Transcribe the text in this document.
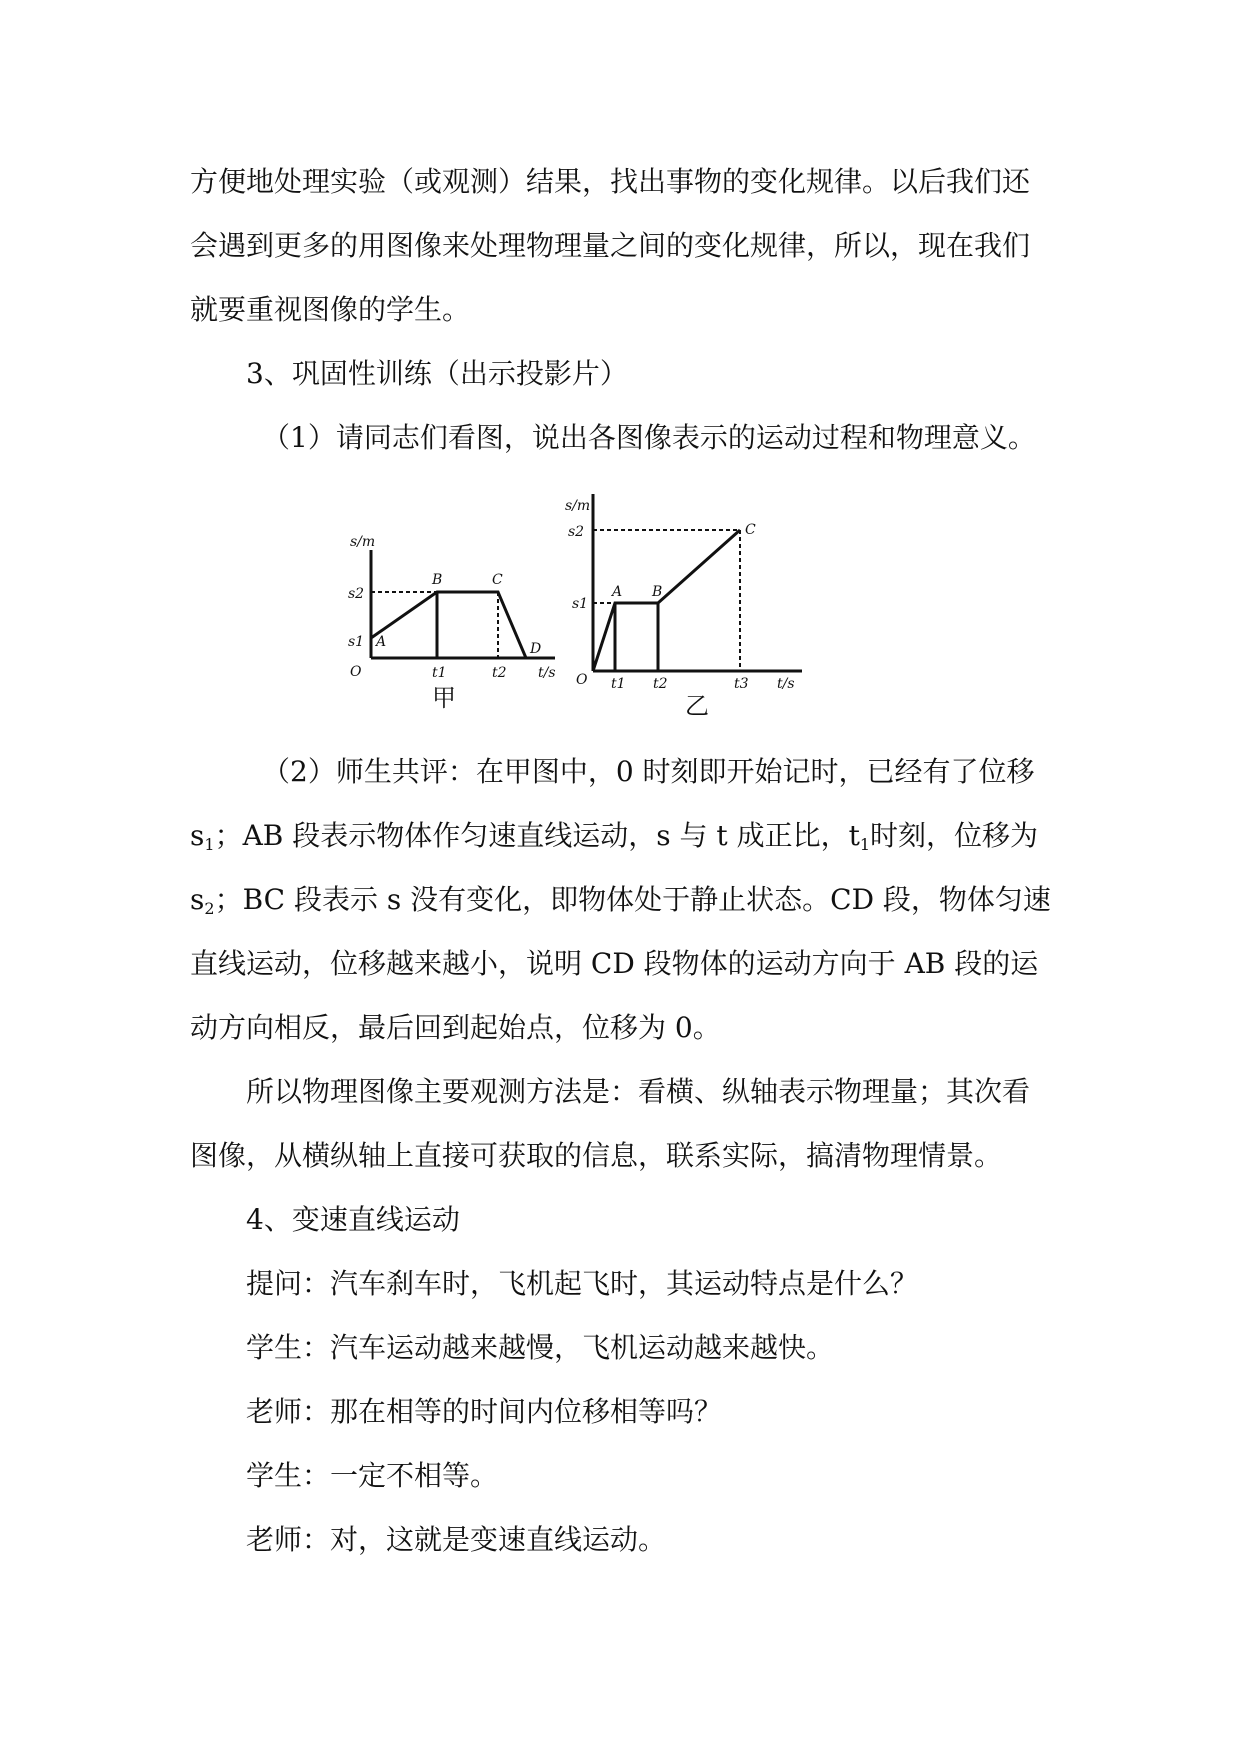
方便地处理实验（或观测）结果，找出事物的变化规律。以后我们还

会遇到更多的用图像来处理物理量之间的变化规律，所以，现在我们

就要重视图像的学生。

3、巩固性训练（出示投影片）

（1）请同志们看图，说出各图像表示的运动过程和物理意义。

s/m
s2
s1
O
A
B	C
D
t1	t2 t/s
甲
s/m
s2
s1
O
A B
C
t1 t2	t3 t/s
乙

（2）师生共评：在甲图中，0 时刻即开始记时，已经有了位移

$s_1$；AB 段表示物体作匀速直线运动，s 与 t 成正比，$t_1$时刻，位移为

$s_2$；BC 段表示 s 没有变化，即物体处于静止状态。CD 段，物体匀速

直线运动，位移越来越小，说明 CD 段物体的运动方向于 AB 段的运

动方向相反，最后回到起始点，位移为 0。

所以物理图像主要观测方法是：看横、纵轴表示物理量；其次看

图像，从横纵轴上直接可获取的信息，联系实际，搞清物理情景。

4、变速直线运动

提问：汽车刹车时，飞机起飞时，其运动特点是什么？

学生：汽车运动越来越慢，飞机运动越来越快。

老师：那在相等的时间内位移相等吗？

学生：一定不相等。

老师：对，这就是变速直线运动。
